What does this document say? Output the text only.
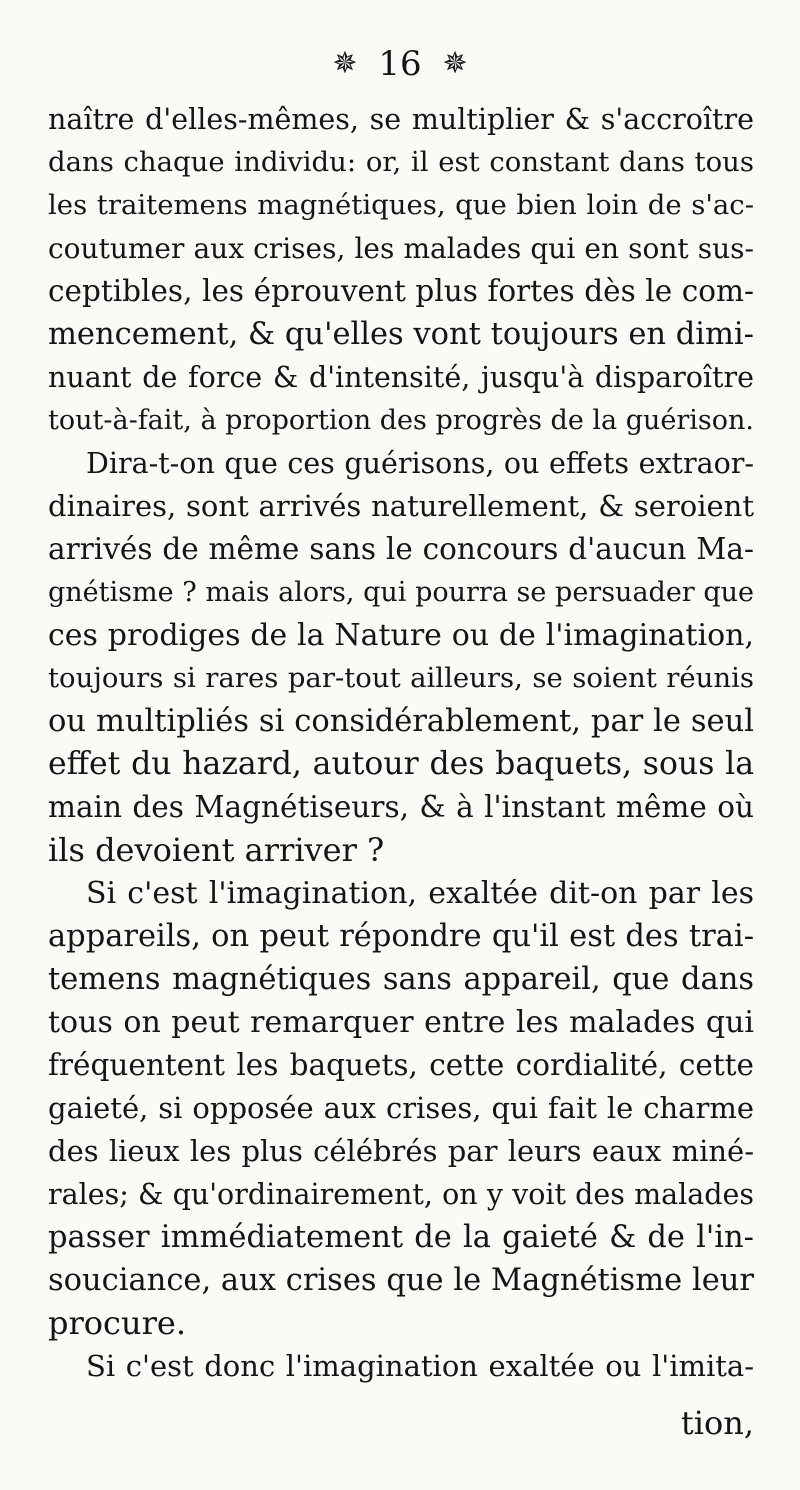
✵ 16 ✵
naître d'elles-mêmes, se multiplier & s'accroître
dans chaque individu: or, il est constant dans tous
les traitemens magnétiques, que bien loin de s'ac-
coutumer aux crises, les malades qui en sont sus-
ceptibles, les éprouvent plus fortes dès le com-
mencement, & qu'elles vont toujours en dimi-
nuant de force & d'intensité, jusqu'à disparoître
tout-à-fait, à proportion des progrès de la guérison.
Dira-t-on que ces guérisons, ou effets extraor-
dinaires, sont arrivés naturellement, & seroient
arrivés de même sans le concours d'aucun Ma-
gnétisme ? mais alors, qui pourra se persuader que
ces prodiges de la Nature ou de l'imagination,
toujours si rares par-tout ailleurs, se soient réunis
ou multipliés si considérablement, par le seul
effet du hazard, autour des baquets, sous la
main des Magnétiseurs, & à l'instant même où
ils devoient arriver ?
Si c'est l'imagination, exaltée dit-on par les
appareils, on peut répondre qu'il est des trai-
temens magnétiques sans appareil, que dans
tous on peut remarquer entre les malades qui
fréquentent les baquets, cette cordialité, cette
gaieté, si opposée aux crises, qui fait le charme
des lieux les plus célébrés par leurs eaux miné-
rales; & qu'ordinairement, on y voit des malades
passer immédiatement de la gaieté & de l'in-
souciance, aux crises que le Magnétisme leur
procure.
Si c'est donc l'imagination exaltée ou l'imita-
tion,
